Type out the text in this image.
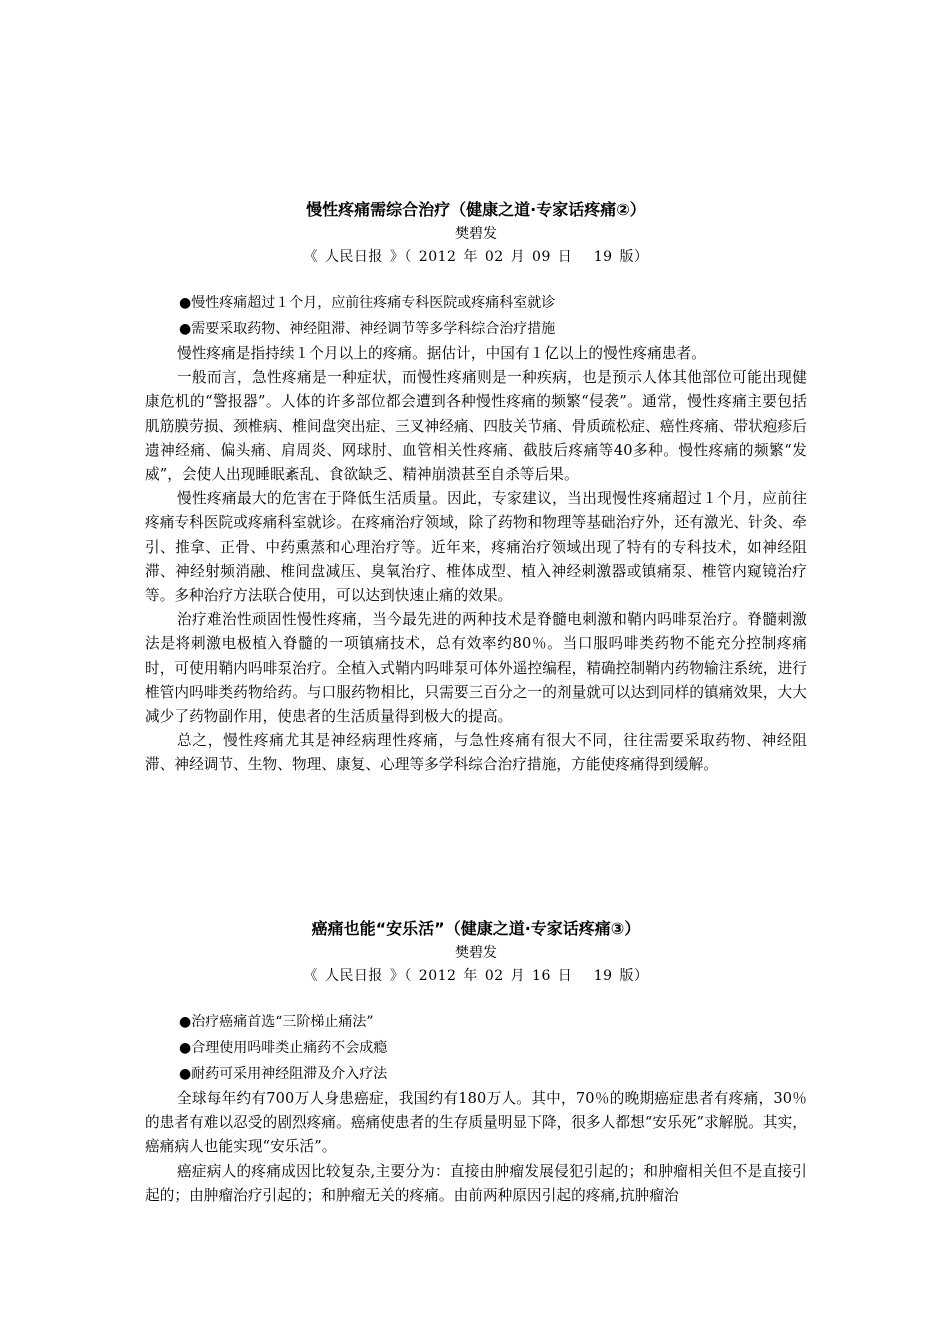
慢性疼痛需综合治疗（健康之道·专家话疼痛②）

樊碧发

《 人民日报 》（ 2012 年 02 月 09 日　 19 版）

●慢性疼痛超过１个月，应前往疼痛专科医院或疼痛科室就诊

●需要采取药物、神经阻滞、神经调节等多学科综合治疗措施

慢性疼痛是指持续１个月以上的疼痛。据估计，中国有１亿以上的慢性疼痛患者。

一般而言，急性疼痛是一种症状，而慢性疼痛则是一种疾病，也是预示人体其他部位可能出现健康危机的“警报器”。人体的许多部位都会遭到各种慢性疼痛的频繁“侵袭”。通常，慢性疼痛主要包括肌筋膜劳损、颈椎病、椎间盘突出症、三叉神经痛、四肢关节痛、骨质疏松症、癌性疼痛、带状疱疹后遗神经痛、偏头痛、肩周炎、网球肘、血管相关性疼痛、截肢后疼痛等40多种。慢性疼痛的频繁“发威”，会使人出现睡眠紊乱、食欲缺乏、精神崩溃甚至自杀等后果。

慢性疼痛最大的危害在于降低生活质量。因此，专家建议，当出现慢性疼痛超过１个月，应前往疼痛专科医院或疼痛科室就诊。在疼痛治疗领域，除了药物和物理等基础治疗外，还有激光、针灸、牵引、推拿、正骨、中药熏蒸和心理治疗等。近年来，疼痛治疗领域出现了特有的专科技术，如神经阻滞、神经射频消融、椎间盘减压、臭氧治疗、椎体成型、植入神经刺激器或镇痛泵、椎管内窥镜治疗等。多种治疗方法联合使用，可以达到快速止痛的效果。

治疗难治性顽固性慢性疼痛，当今最先进的两种技术是脊髓电刺激和鞘内吗啡泵治疗。脊髓刺激法是将刺激电极植入脊髓的一项镇痛技术，总有效率约80％。当口服吗啡类药物不能充分控制疼痛时，可使用鞘内吗啡泵治疗。全植入式鞘内吗啡泵可体外遥控编程，精确控制鞘内药物输注系统，进行椎管内吗啡类药物给药。与口服药物相比，只需要三百分之一的剂量就可以达到同样的镇痛效果，大大减少了药物副作用，使患者的生活质量得到极大的提高。

总之，慢性疼痛尤其是神经病理性疼痛，与急性疼痛有很大不同，往往需要采取药物、神经阻滞、神经调节、生物、物理、康复、心理等多学科综合治疗措施，方能使疼痛得到缓解。

癌痛也能“安乐活”（健康之道·专家话疼痛③）

樊碧发

《 人民日报 》（ 2012 年 02 月 16 日　 19 版）

●治疗癌痛首选“三阶梯止痛法”

●合理使用吗啡类止痛药不会成瘾

●耐药可采用神经阻滞及介入疗法

全球每年约有700万人身患癌症，我国约有180万人。其中，70％的晚期癌症患者有疼痛，30％的患者有难以忍受的剧烈疼痛。癌痛使患者的生存质量明显下降，很多人都想“安乐死”求解脱。其实，癌痛病人也能实现“安乐活”。

癌症病人的疼痛成因比较复杂,主要分为：直接由肿瘤发展侵犯引起的；和肿瘤相关但不是直接引起的；由肿瘤治疗引起的；和肿瘤无关的疼痛。由前两种原因引起的疼痛,抗肿瘤治
